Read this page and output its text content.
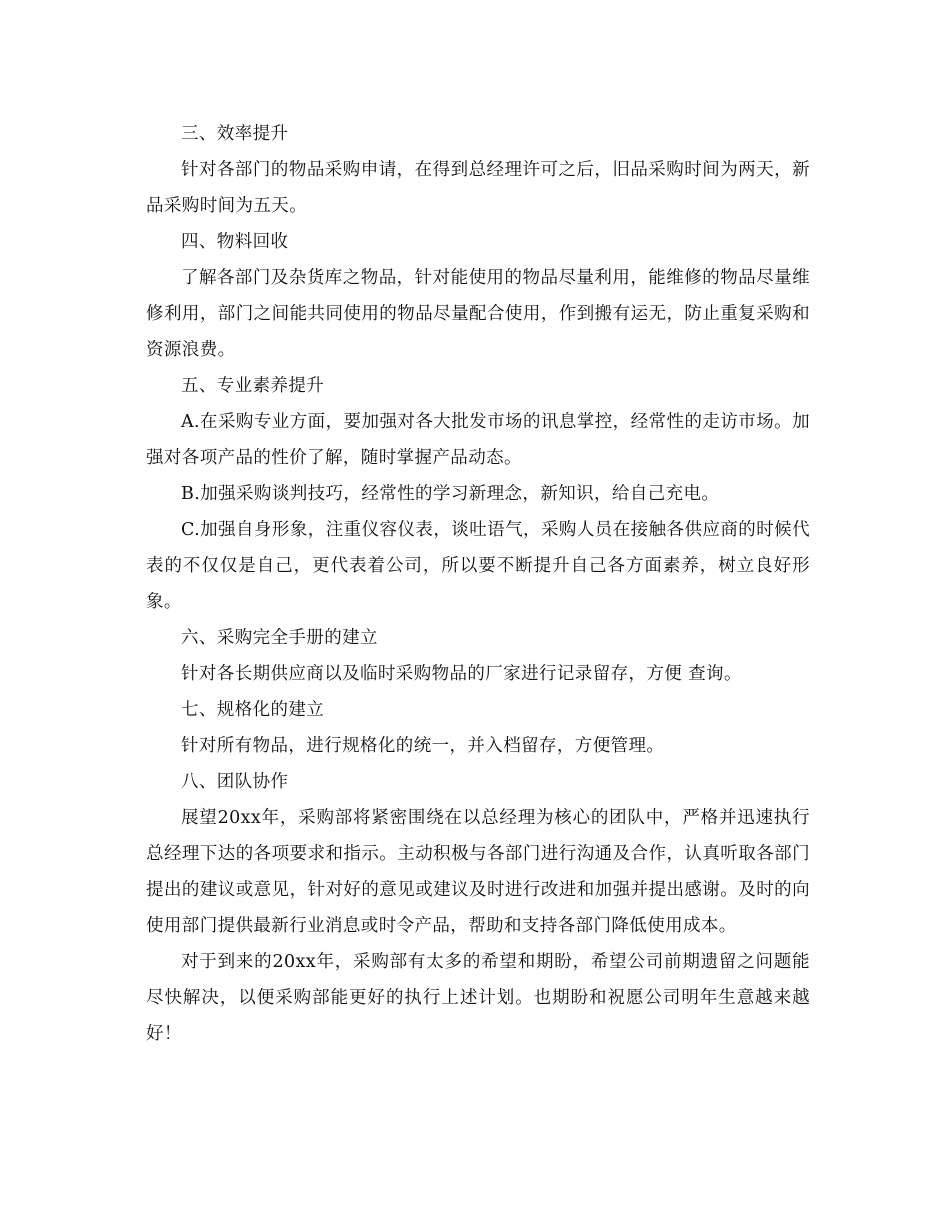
三、效率提升

针对各部门的物品采购申请，在得到总经理许可之后，旧品采购时间为两天，新品采购时间为五天。

四、物料回收

了解各部门及杂货库之物品，针对能使用的物品尽量利用，能维修的物品尽量维修利用，部门之间能共同使用的物品尽量配合使用，作到搬有运无，防止重复采购和资源浪费。

五、专业素养提升

A.在采购专业方面，要加强对各大批发市场的讯息掌控，经常性的走访市场。加强对各项产品的性价了解，随时掌握产品动态。

B.加强采购谈判技巧，经常性的学习新理念，新知识，给自己充电。

C.加强自身形象，注重仪容仪表，谈吐语气，采购人员在接触各供应商的时候代表的不仅仅是自己，更代表着公司，所以要不断提升自己各方面素养，树立良好形象。

六、采购完全手册的建立

针对各长期供应商以及临时采购物品的厂家进行记录留存，方便 查询。

七、规格化的建立

针对所有物品，进行规格化的统一，并入档留存，方便管理。

八、团队协作

展望20xx年，采购部将紧密围绕在以总经理为核心的团队中，严格并迅速执行总经理下达的各项要求和指示。主动积极与各部门进行沟通及合作，认真听取各部门提出的建议或意见，针对好的意见或建议及时进行改进和加强并提出感谢。及时的向使用部门提供最新行业消息或时令产品，帮助和支持各部门降低使用成本。

对于到来的20xx年，采购部有太多的希望和期盼，希望公司前期遗留之问题能尽快解决，以便采购部能更好的执行上述计划。也期盼和祝愿公司明年生意越来越好！
